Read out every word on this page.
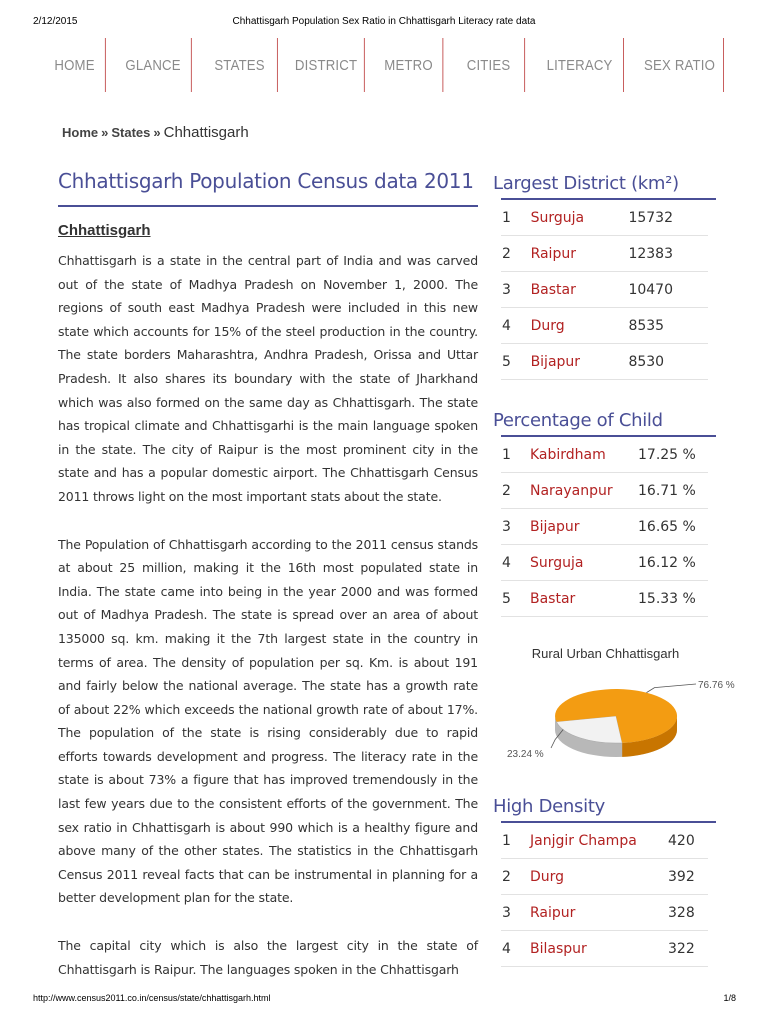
2/12/2015	Chhattisgarh Population Sex Ratio in Chhattisgarh Literacy rate data
HOME	GLANCE	STATES	DISTRICT	METRO	CITIES	LITERACY	SEX RATIO
Home » States » Chhattisgarh
Chhattisgarh Population Census data 2011
Chhattisgarh

Chhattisgarh is a state in the central part of India and was carved out of the state of Madhya Pradesh on November 1, 2000. The regions of south east Madhya Pradesh were included in this new state which accounts for 15% of the steel production in the country. The state borders Maharashtra, Andhra Pradesh, Orissa and Uttar Pradesh. It also shares its boundary with the state of Jharkhand which was also formed on the same day as Chhattisgarh. The state has tropical climate and Chhattisgarhi is the main language spoken in the state. The city of Raipur is the most prominent city in the state and has a popular domestic airport. The Chhattisgarh Census 2011 throws light on the most important stats about the state.

The Population of Chhattisgarh according to the 2011 census stands at about 25 million, making it the 16th most populated state in India. The state came into being in the year 2000 and was formed out of Madhya Pradesh. The state is spread over an area of about 135000 sq. km. making it the 7th largest state in the country in terms of area. The density of population per sq. Km. is about 191 and fairly below the national average. The state has a growth rate of about 22% which exceeds the national growth rate of about 17%. The population of the state is rising considerably due to rapid efforts towards development and progress. The literacy rate in the state is about 73% a figure that has improved tremendously in the last few years due to the consistent efforts of the government. The sex ratio in Chhattisgarh is about 990 which is a healthy figure and above many of the other states. The statistics in the Chhattisgarh Census 2011 reveal facts that can be instrumental in planning for a better development plan for the state.

The capital city which is also the largest city in the state of Chhattisgarh is Raipur. The languages spoken in the Chhattisgarh

Largest District (km²)
1	Surguja	15732
2	Raipur	12383
3	Bastar	10470
4	Durg	8535
5	Bijapur	8530
Percentage of Child
1	Kabirdham	17.25 %
2	Narayanpur	16.71 %
3	Bijapur	16.65 %
4	Surguja	16.12 %
5	Bastar	15.33 %
Rural Urban Chhattisgarh
76.76 %
23.24 %
High Density
1	Janjgir Champa	420
2	Durg	392
3	Raipur	328
4	Bilaspur	322
http://www.census2011.co.in/census/state/chhattisgarh.html	1/8
